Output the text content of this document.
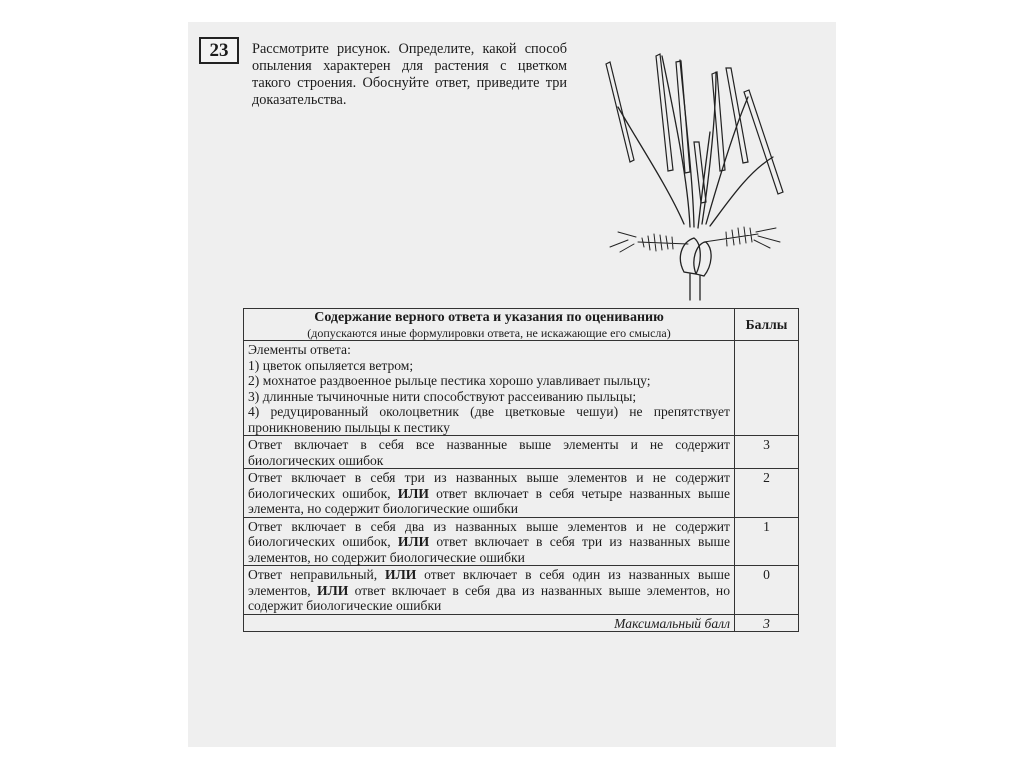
23	Рассмотрите рисунок. Определите, какой способ опыления характерен для растения с цветком такого строения. Обоснуйте ответ, приведите три доказательства.

Содержание верного ответа и указания по оцениванию
(допускаются иные формулировки ответа, не искажающие его смысла)	Баллы

Элементы ответа:
1) цветок опыляется ветром;
2) мохнатое раздвоенное рыльце пестика хорошо улавливает пыльцу;
3) длинные тычиночные нити способствуют рассеиванию пыльцы;
4) редуцированный околоцветник (две цветковые чешуи) не препятствует проникновению пыльцы к пестику	

Ответ включает в себя все названные выше элементы и не содержит биологических ошибок	3
Ответ включает в себя три из названных выше элементов и не содержит биологических ошибок, ИЛИ ответ включает в себя четыре названных выше элемента, но содержит биологические ошибки	2
Ответ включает в себя два из названных выше элементов и не содержит биологических ошибок, ИЛИ ответ включает в себя три из названных выше элементов, но содержит биологические ошибки	1
Ответ неправильный, ИЛИ ответ включает в себя один из названных выше элементов, ИЛИ ответ включает в себя два из названных выше элементов, но содержит биологические ошибки	0
Максимальный балл	3
